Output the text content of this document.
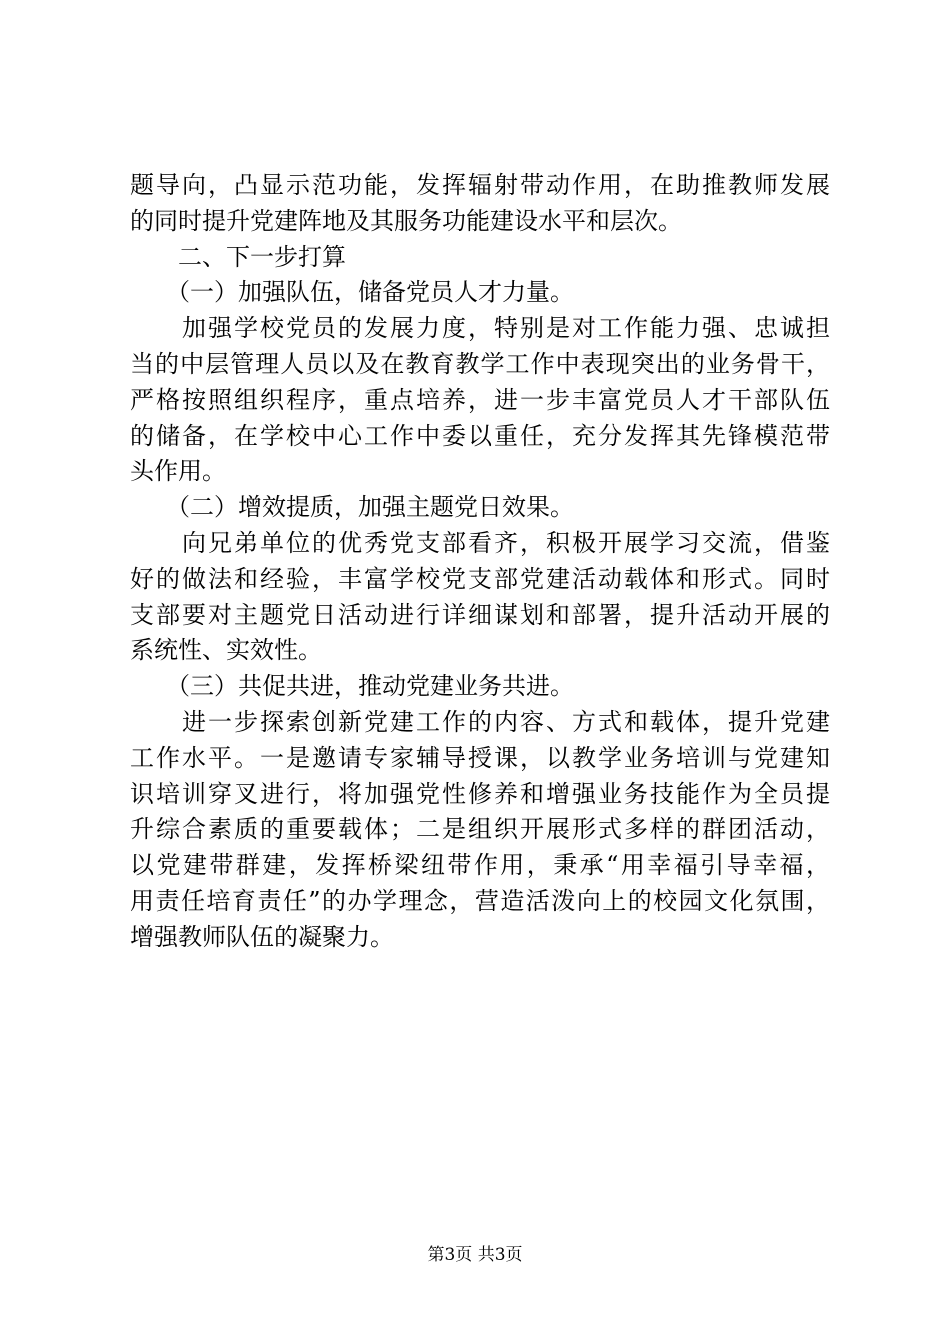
题导向，凸显示范功能，发挥辐射带动作用，在助推教师发展
的同时提升党建阵地及其服务功能建设水平和层次。
　　二、下一步打算
　　（一）加强队伍，储备党员人才力量。
　　加强学校党员的发展力度，特别是对工作能力强、忠诚担
当的中层管理人员以及在教育教学工作中表现突出的业务骨干，
严格按照组织程序，重点培养，进一步丰富党员人才干部队伍
的储备，在学校中心工作中委以重任，充分发挥其先锋模范带
头作用。
　　（二）增效提质，加强主题党日效果。
　　向兄弟单位的优秀党支部看齐，积极开展学习交流，借鉴
好的做法和经验，丰富学校党支部党建活动载体和形式。同时
支部要对主题党日活动进行详细谋划和部署，提升活动开展的
系统性、实效性。
　　（三）共促共进，推动党建业务共进。
　　进一步探索创新党建工作的内容、方式和载体，提升党建
工作水平。一是邀请专家辅导授课，以教学业务培训与党建知
识培训穿叉进行，将加强党性修养和增强业务技能作为全员提
升综合素质的重要载体；二是组织开展形式多样的群团活动，
以党建带群建，发挥桥梁纽带作用，秉承“用幸福引导幸福，
用责任培育责任”的办学理念，营造活泼向上的校园文化氛围，
增强教师队伍的凝聚力。
第3页 共3页
